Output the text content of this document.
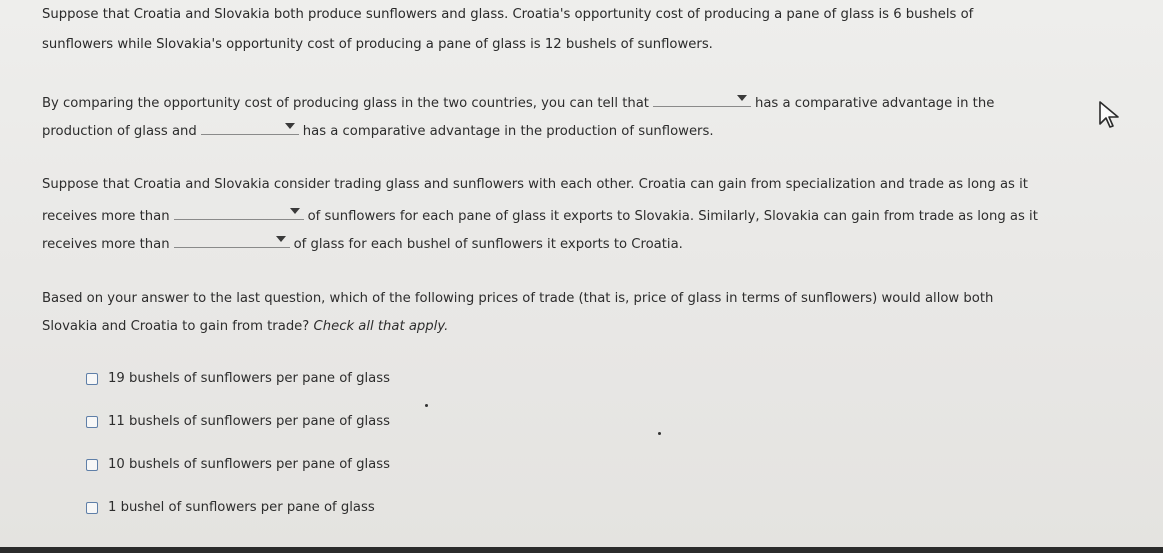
Suppose that Croatia and Slovakia both produce sunflowers and glass. Croatia's opportunity cost of producing a pane of glass is 6 bushels of
sunflowers while Slovakia's opportunity cost of producing a pane of glass is 12 bushels of sunflowers.
By comparing the opportunity cost of producing glass in the two countries, you can tell that	has a comparative advantage in the
production of glass and	has a comparative advantage in the production of sunflowers.
Suppose that Croatia and Slovakia consider trading glass and sunflowers with each other. Croatia can gain from specialization and trade as long as it
receives more than	of sunflowers for each pane of glass it exports to Slovakia. Similarly, Slovakia can gain from trade as long as it
receives more than	of glass for each bushel of sunflowers it exports to Croatia.
Based on your answer to the last question, which of the following prices of trade (that is, price of glass in terms of sunflowers) would allow both
Slovakia and Croatia to gain from trade? Check all that apply.
19 bushels of sunflowers per pane of glass
11 bushels of sunflowers per pane of glass
10 bushels of sunflowers per pane of glass
1 bushel of sunflowers per pane of glass
